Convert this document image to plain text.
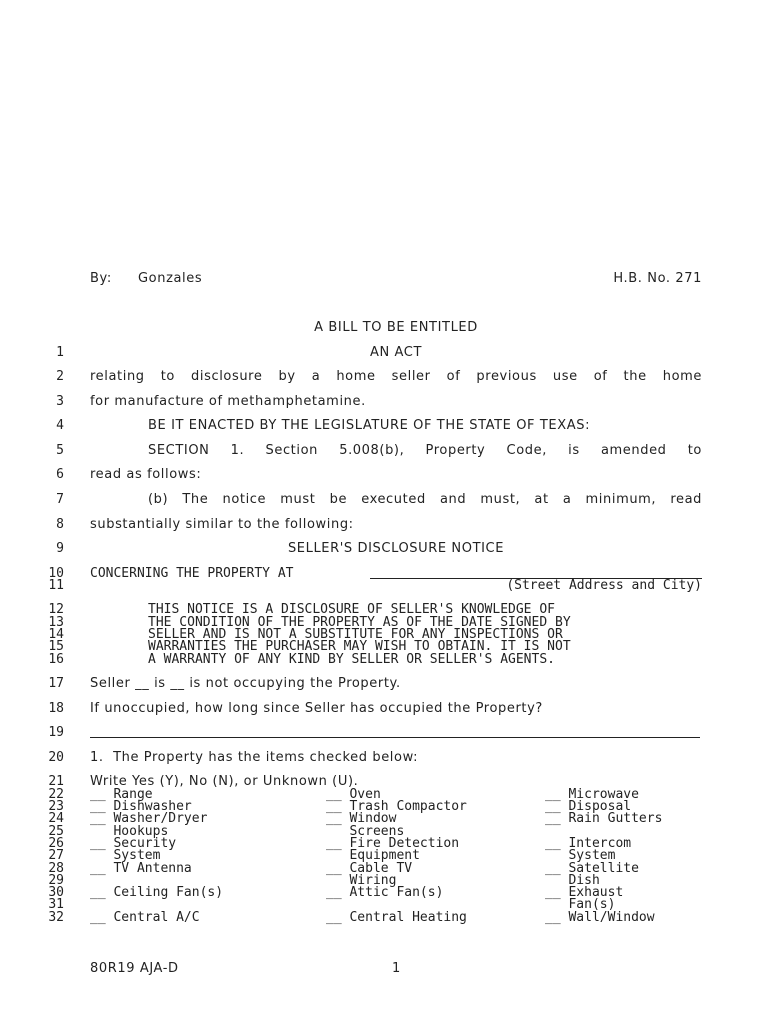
By: Gonzales	H.B. No. 271
A BILL TO BE ENTITLED
1
2
3
4
5
6
7
8
9
10
11
12
13
14
15
16
17
18
19
20
21
22
23
24
25
26
27
28
29
30
31
32
AN ACT
relating to disclosure by a home seller of previous use of the home
for manufacture of methamphetamine.
BE IT ENACTED BY THE LEGISLATURE OF THE STATE OF TEXAS:
SECTION 1. Section 5.008(b), Property Code, is amended to
read as follows:
(b) The notice must be executed and must, at a minimum, read
substantially similar to the following:
SELLER'S DISCLOSURE NOTICE
CONCERNING THE PROPERTY AT
(Street Address and City)
THIS NOTICE IS A DISCLOSURE OF SELLER'S KNOWLEDGE OF
THE CONDITION OF THE PROPERTY AS OF THE DATE SIGNED BY
SELLER AND IS NOT A SUBSTITUTE FOR ANY INSPECTIONS OR
WARRANTIES THE PURCHASER MAY WISH TO OBTAIN. IT IS NOT
A WARRANTY OF ANY KIND BY SELLER OR SELLER'S AGENTS.
Seller __ is __ is not occupying the Property.
If unoccupied, how long since Seller has occupied the Property?
1.  The Property has the items checked below:
Write Yes (Y), No (N), or Unknown (U).
__ Range
__ Dishwasher
__ Washer/Dryer
Hookups
__ Security
System
__ TV Antenna
__ Ceiling Fan(s)
__ Central A/C
__ Oven
__ Trash Compactor
__ Window
Screens
__ Fire Detection
Equipment
__ Cable TV
Wiring
__ Attic Fan(s)
__ Central Heating
__ Microwave
__ Disposal
__ Rain Gutters
__ Intercom
System
__ Satellite
Dish
__ Exhaust
Fan(s)
__ Wall/Window
80R19 AJA-D	1
